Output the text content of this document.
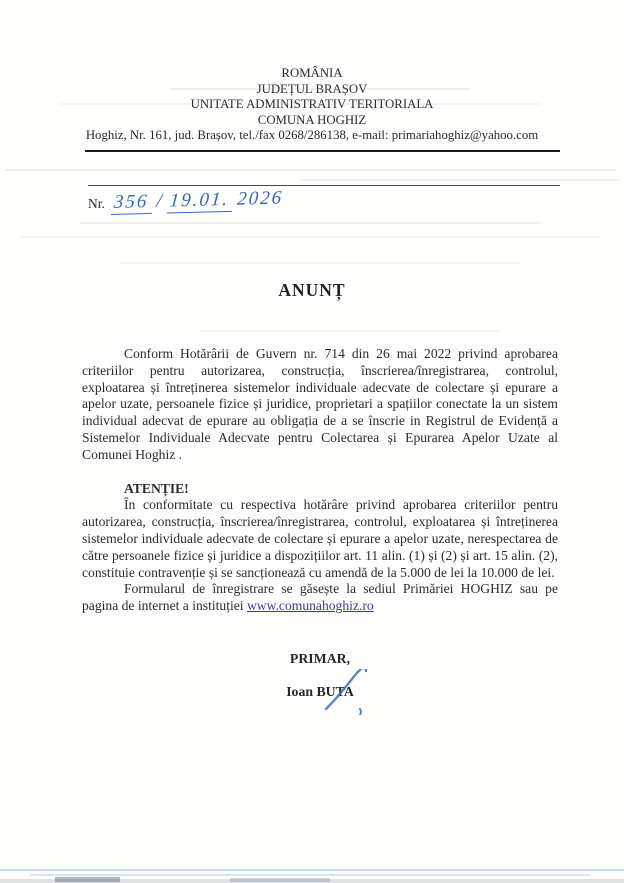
ROMÂNIA
JUDEȚUL BRAȘOV
UNITATE ADMINISTRATIV TERITORIALA
COMUNA HOGHIZ
Hoghiz, Nr. 161, jud. Brașov, tel./fax 0268/286138, e-mail: primariahoghiz@yahoo.com
Nr. 356 / 19.01. 2026
ANUNȚ

Conform Hotărârii de Guvern nr. 714 din 26 mai 2022 privind aprobarea criteriilor pentru autorizarea, construcția, înscrierea/înregistrarea, controlul, exploatarea și întreținerea sistemelor individuale adecvate de colectare și epurare a apelor uzate, persoanele fizice și juridice, proprietari a spațiilor conectate la un sistem individual adecvat de epurare au obligația de a se înscrie in Registrul de Evidență a Sistemelor Individuale Adecvate pentru Colectarea și Epurarea Apelor Uzate al Comunei Hoghiz .

ATENȚIE!

În conformitate cu respectiva hotărâre privind aprobarea criteriilor pentru autorizarea, construcția, înscrierea/înregistrarea, controlul, exploatarea și întreținerea sistemelor individuale adecvate de colectare și epurare a apelor uzate, nerespectarea de către persoanele fizice și juridice a dispozițiilor art. 11 alin. (1) și (2) și art. 15 alin. (2), constituie contravenție și se sancționează cu amendă de la 5.000 de lei la 10.000 de lei.

Formularul de înregistrare se găsește la sediul Primăriei HOGHIZ sau pe pagina de internet a instituției www.comunahoghiz.ro

PRIMAR,
Ioan BUTA
